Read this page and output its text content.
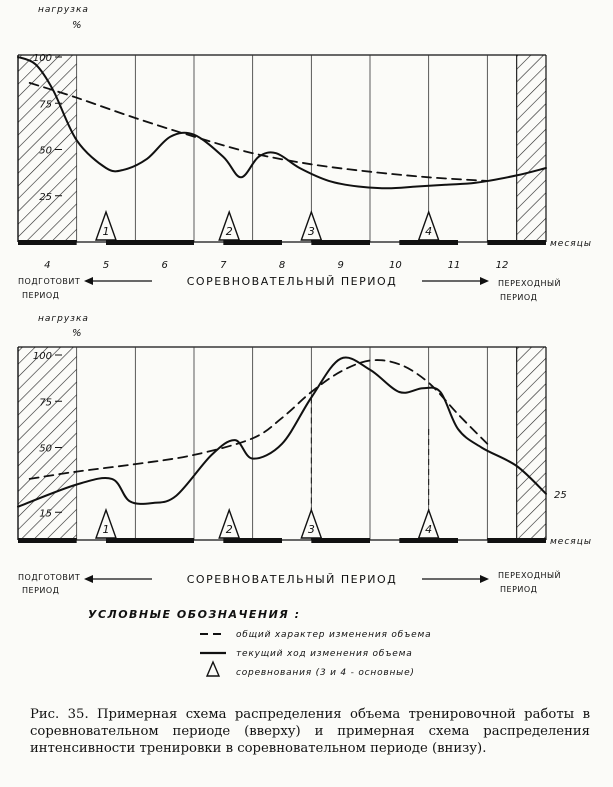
месяцы
нагрузка
%
100
75
50
25
4	5	6	7	8	9	10	11	12
1	2	3	4
ПОДГОТОВИТ
ПЕРИОД
СОРЕВНОВАТЕЛЬНЫЙ ПЕРИОД	ПЕРЕХОДНЫЙ
ПЕРИОД
месяцы
нагрузка
%
100
75
50
15
25
1	2	3	4
ПОДГОТОВИТ
ПЕРИОД
СОРЕВНОВАТЕЛЬНЫЙ ПЕРИОД	ПЕРЕХОДНЫЙ
ПЕРИОД
УСЛОВНЫЕ ОБОЗНАЧЕНИЯ :
общий характер изменения объема
текущий ход изменения объема
соревнования (3 и 4 - основные)
Рис. 35. Примерная схема распределения объема тренировочной работы в соревновательном периоде (вверху) и примерная схема распределения интенсивности тренировки в соревновательном периоде (внизу).
